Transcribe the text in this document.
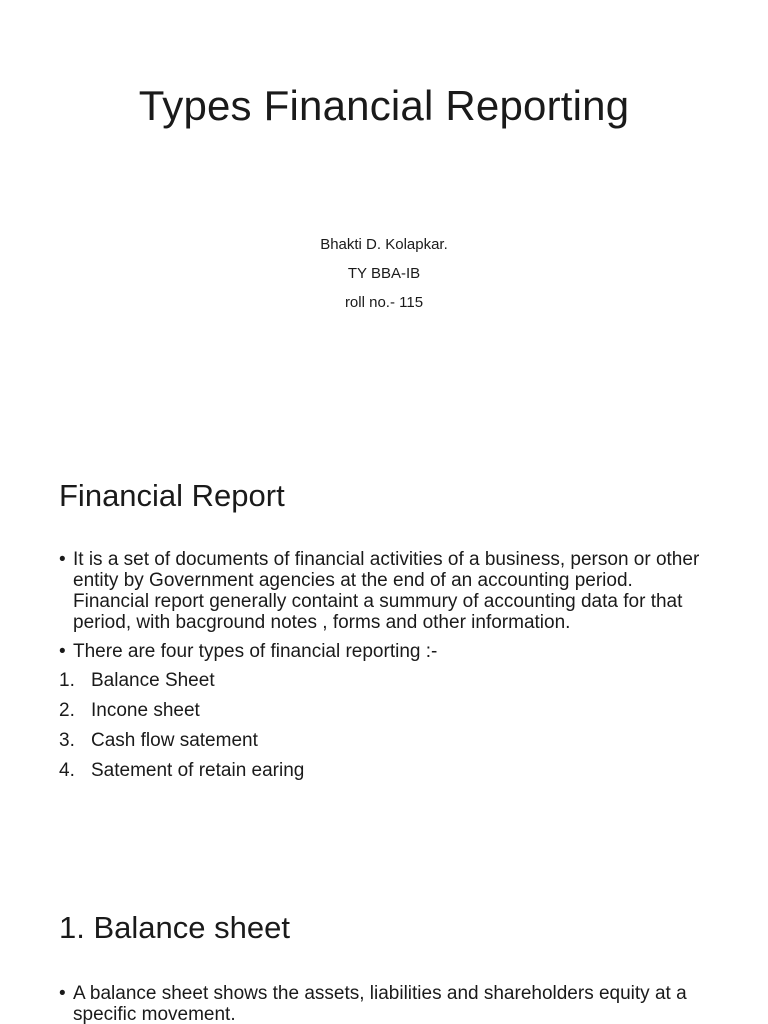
Types Financial Reporting
Bhakti D. Kolapkar.
TY BBA-IB
roll no.- 115
Financial Report
• It is a set of documents of financial activities of a business, person or other entity by Government agencies at the end of an accounting period. Financial report generally containt a summury of accounting data for that period, with bacground notes , forms and other information.
• There are four types of financial reporting :-
1. Balance Sheet
2. Incone sheet
3. Cash flow satement
4. Satement of retain earing
1. Balance sheet
• A balance sheet shows the assets, liabilities and shareholders equity at a specific movement.
